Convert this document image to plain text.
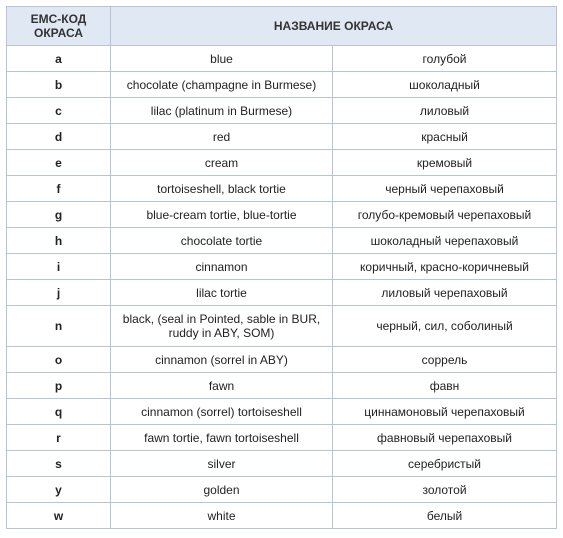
ЕМС-КОД
ОКРАСА	НАЗВАНИЕ ОКРАСА	
a	blue	голубой
b	chocolate (champagne in Burmese)	шоколадный
c	lilac (platinum in Burmese)	лиловый
d	red	красный
e	cream	кремовый
f	tortoiseshell, black tortie	черный черепаховый
g	blue-cream tortie, blue-tortie	голубо-кремовый черепаховый
h	chocolate tortie	шоколадный черепаховый
i	cinnamon	коричный, красно-коричневый
j	lilac tortie	лиловый черепаховый
n	black, (seal in Pointed, sable in BUR, ruddy in ABY, SOM)	черный, сил, соболиный
o	cinnamon (sorrel in ABY)	соррель
p	fawn	фавн
q	cinnamon (sorrel) tortoiseshell	циннамоновый черепаховый
r	fawn tortie, fawn tortoiseshell	фавновый черепаховый
s	silver	серебристый
y	golden	золотой
w	white	белый
